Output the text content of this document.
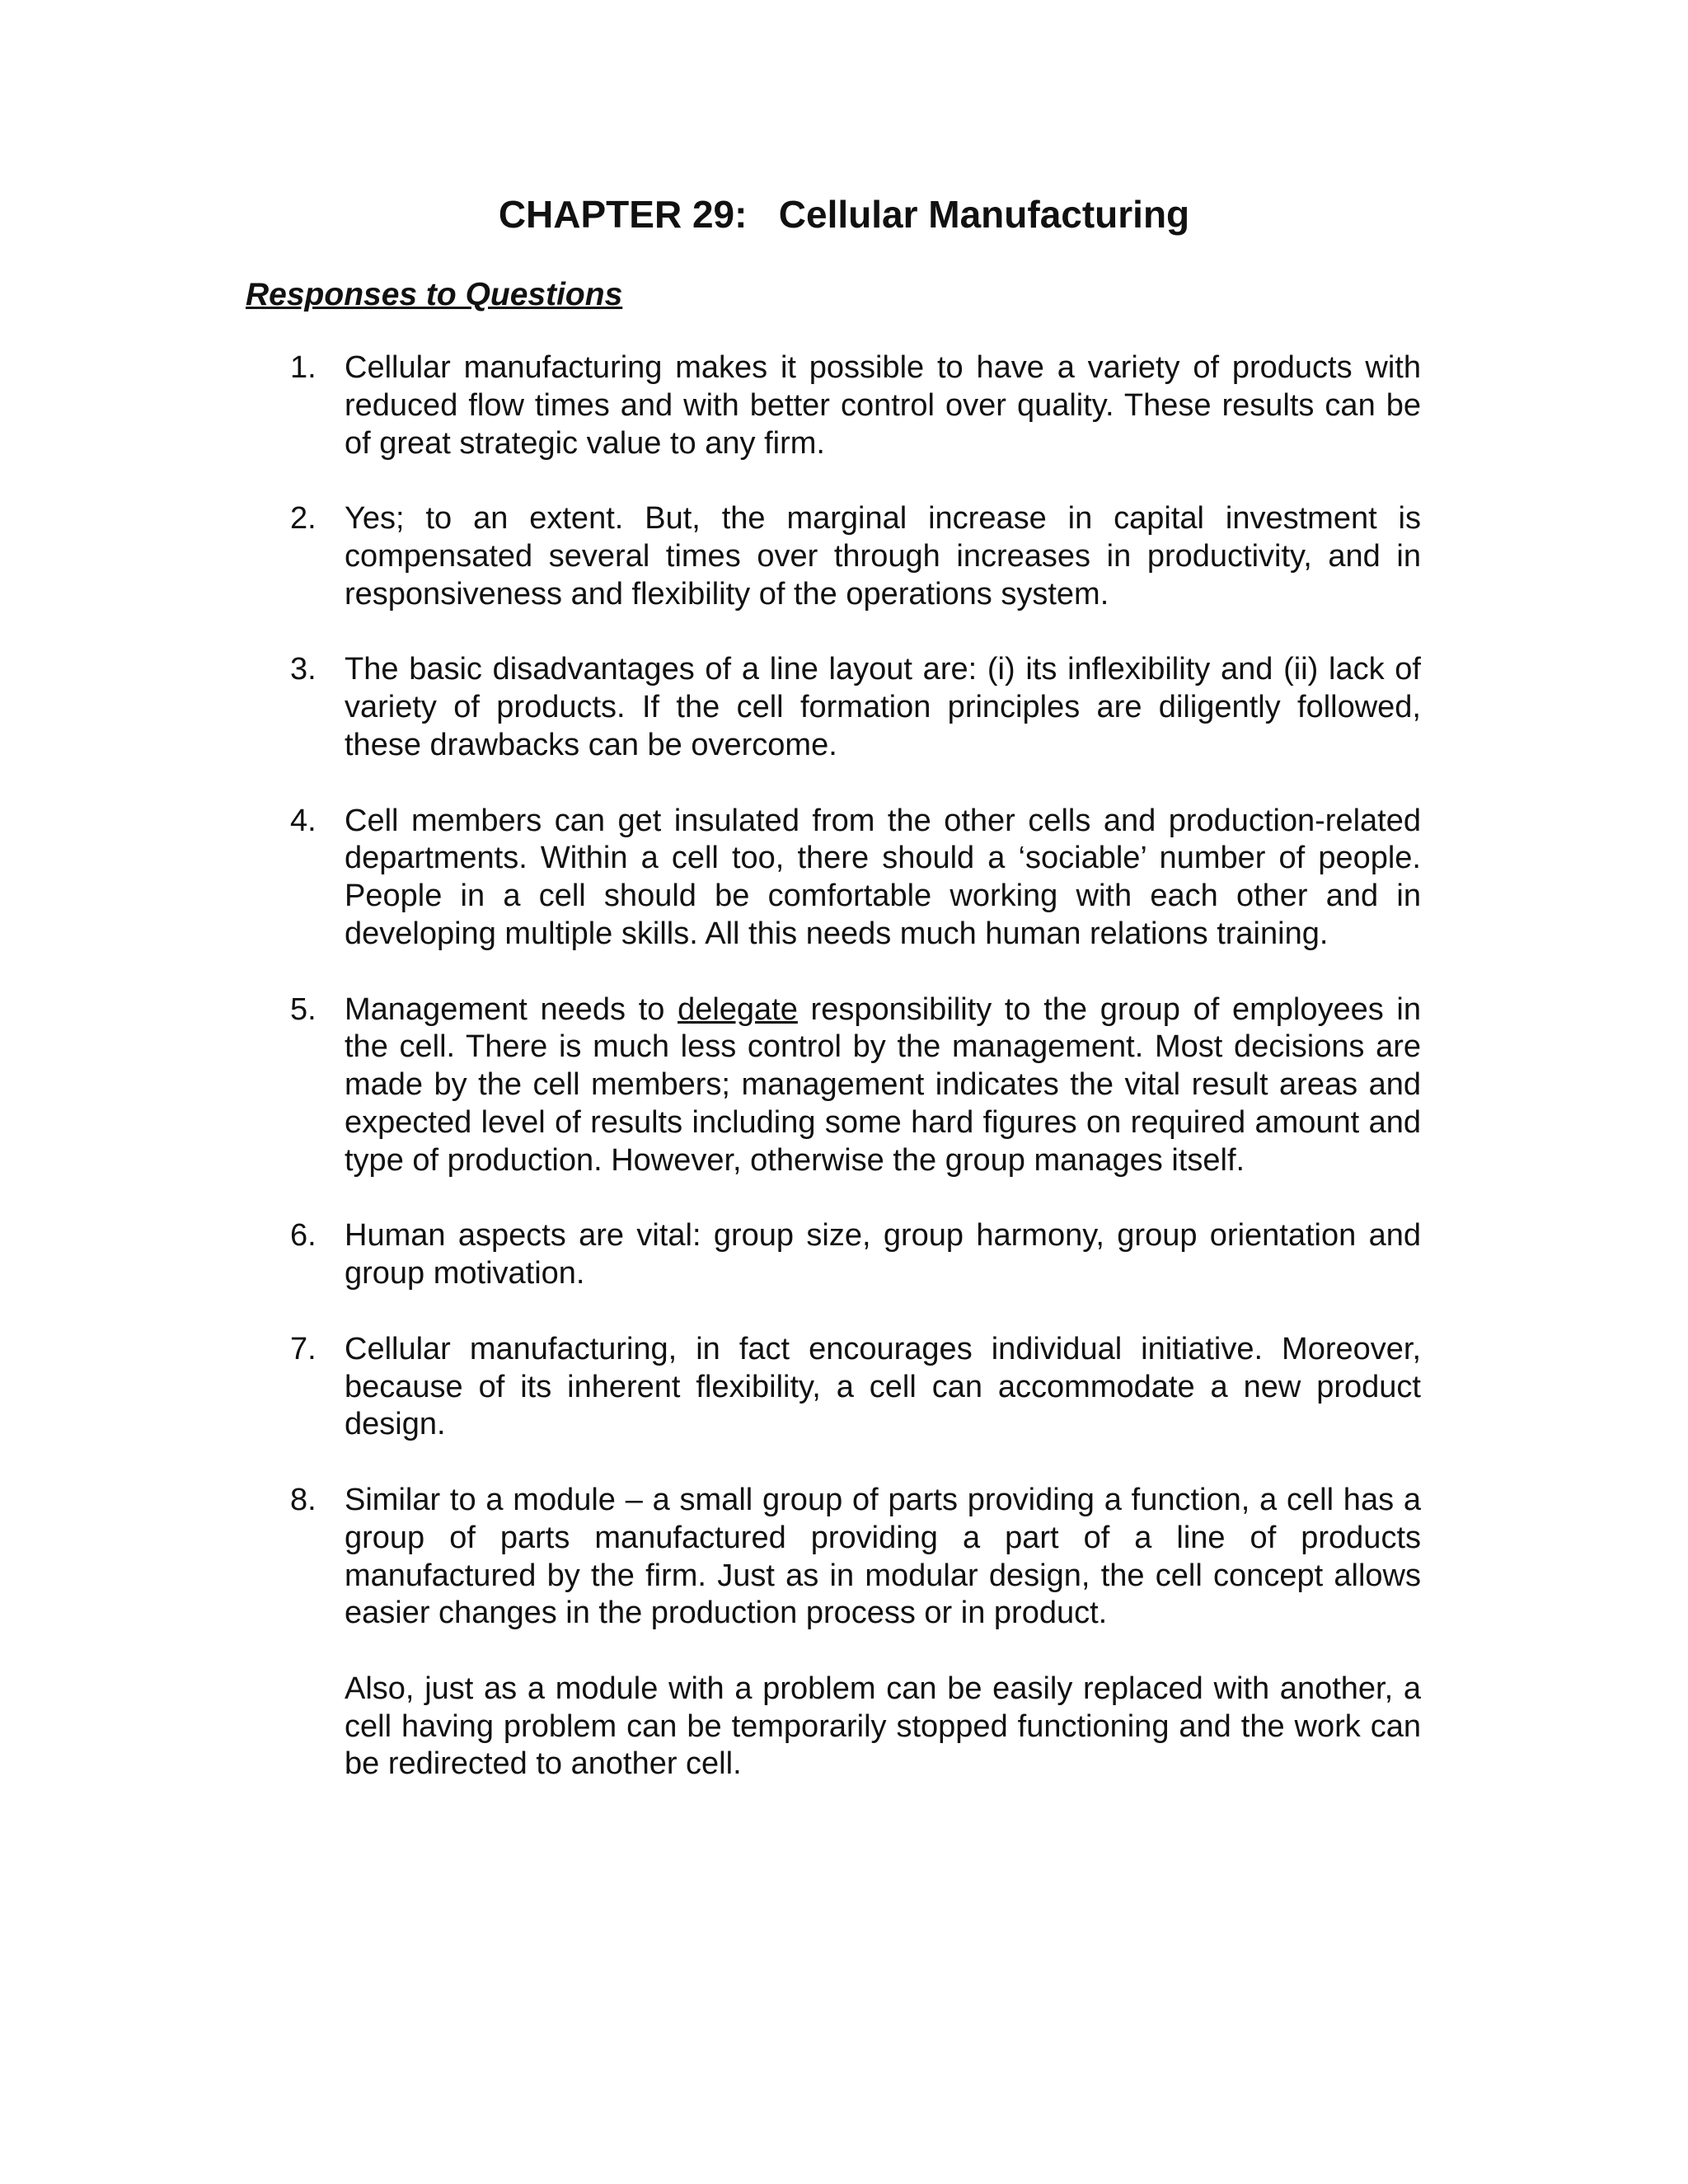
CHAPTER 29:   Cellular Manufacturing
Responses to Questions
1. Cellular manufacturing makes it possible to have a variety of products with reduced flow times and with better control over quality. These results can be of great strategic value to any firm.

2. Yes; to an extent. But, the marginal increase in capital investment is compensated several times over through increases in productivity, and in responsiveness and flexibility of the operations system.

3. The basic disadvantages of a line layout are: (i) its inflexibility and (ii) lack of variety of products. If the cell formation principles are diligently followed, these drawbacks can be overcome.

4. Cell members can get insulated from the other cells and production-related departments. Within a cell too, there should a ‘sociable’ number of people. People in a cell should be comfortable working with each other and in developing multiple skills. All this needs much human relations training.

5. Management needs to delegate responsibility to the group of employees in the cell. There is much less control by the management. Most decisions are made by the cell members; management indicates the vital result areas and expected level of results including some hard figures on required amount and type of production. However, otherwise the group manages itself.

6. Human aspects are vital: group size, group harmony, group orientation and group motivation.

7. Cellular manufacturing, in fact encourages individual initiative. Moreover, because of its inherent flexibility, a cell can accommodate a new product design.

8. Similar to a module – a small group of parts providing a function, a cell has a group of parts manufactured providing a part of a line of products manufactured by the firm. Just as in modular design, the cell concept allows easier changes in the production process or in product.

Also, just as a module with a problem can be easily replaced with another, a cell having problem can be temporarily stopped functioning and the work can be redirected to another cell.
